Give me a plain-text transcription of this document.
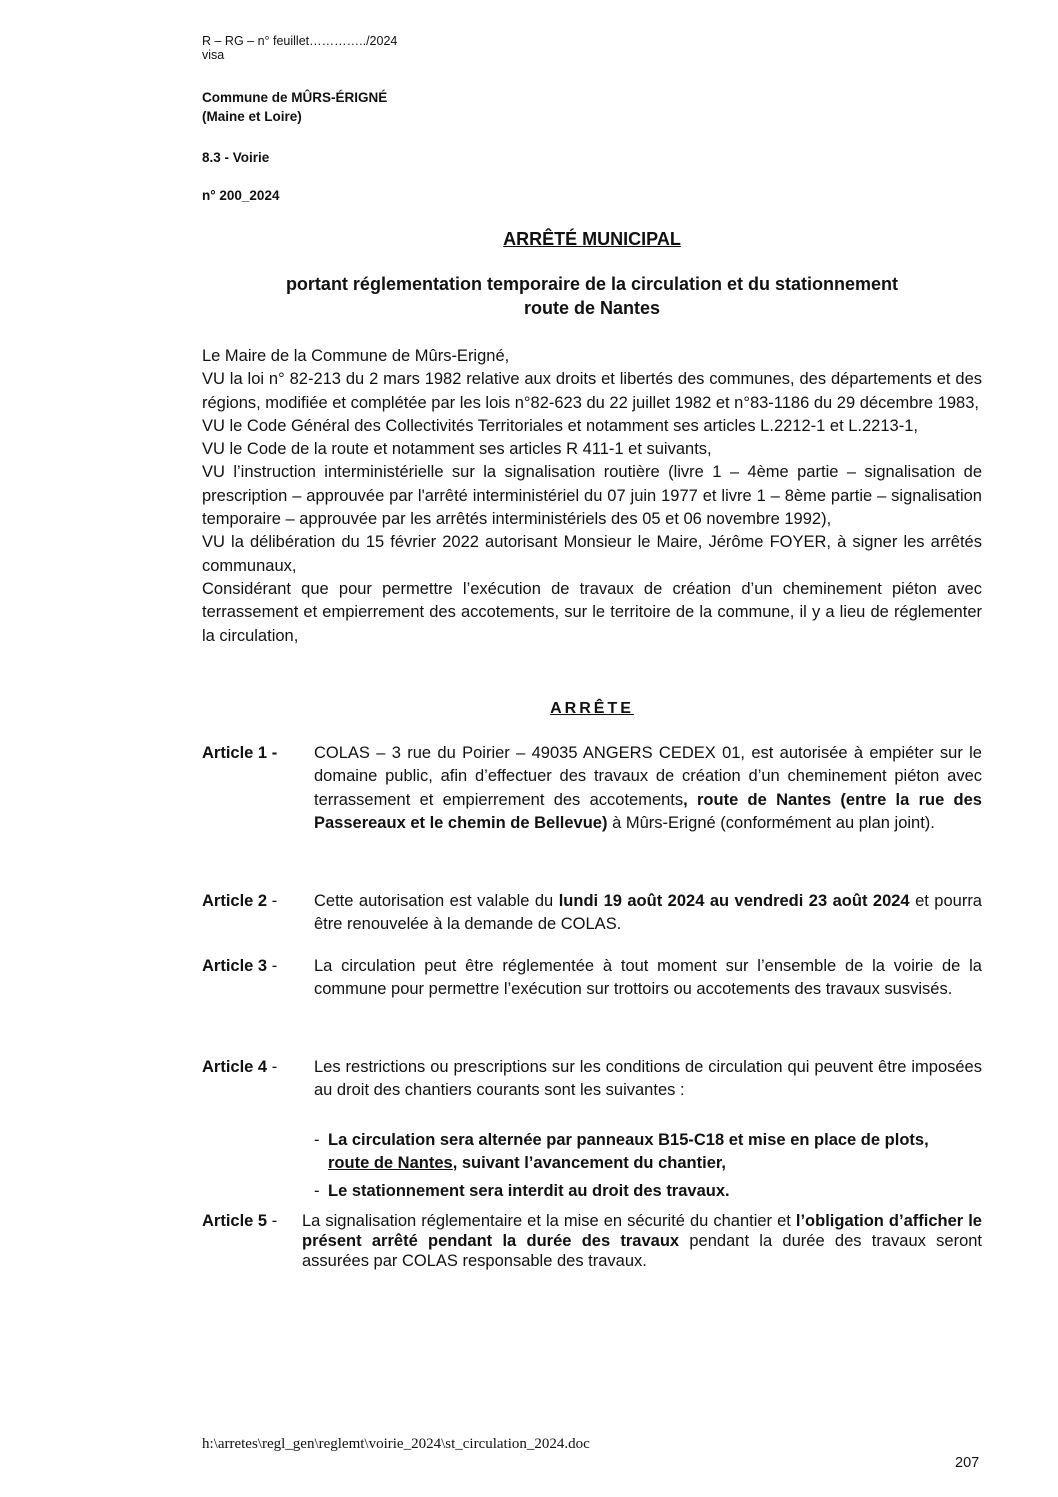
R – RG – n° feuillet…………../2024
visa
Commune de MÛRS-ÉRIGNÉ
(Maine et Loire)
8.3 - Voirie
n° 200_2024
ARRÊTÉ MUNICIPAL
portant réglementation temporaire de la circulation et du stationnement
route de Nantes
Le Maire de la Commune de Mûrs-Erigné,
VU la loi n° 82-213 du 2 mars 1982 relative aux droits et libertés des communes, des départements et des régions, modifiée et complétée par les lois n°82-623 du 22 juillet 1982 et n°83-1186 du 29 décembre 1983,
VU le Code Général des Collectivités Territoriales et notamment ses articles L.2212-1 et L.2213-1,
VU le Code de la route et notamment ses articles R 411-1 et suivants,
VU l’instruction interministérielle sur la signalisation routière (livre 1 – 4ème partie – signalisation de prescription – approuvée par l'arrêté interministériel du 07 juin 1977 et livre 1 – 8ème partie – signalisation temporaire – approuvée par les arrêtés interministériels des 05 et 06 novembre 1992),
VU la délibération du 15 février 2022 autorisant Monsieur le Maire, Jérôme FOYER, à signer les arrêtés communaux,
Considérant que pour permettre l’exécution de travaux de création d’un cheminement piéton avec terrassement et empierrement des accotements, sur le territoire de la commune, il y a lieu de réglementer la circulation,
ARRÊTE
Article 1 -	COLAS – 3 rue du Poirier – 49035 ANGERS CEDEX 01, est autorisée à empiéter sur le domaine public, afin d’effectuer des travaux de création d’un cheminement piéton avec terrassement et empierrement des accotements, route de Nantes (entre la rue des Passereaux et le chemin de Bellevue) à Mûrs-Erigné (conformément au plan joint).
Article 2 -	Cette autorisation est valable du lundi 19 août 2024 au vendredi 23 août 2024 et pourra être renouvelée à la demande de COLAS.
Article 3 -	La circulation peut être réglementée à tout moment sur l’ensemble de la voirie de la commune pour permettre l’exécution sur trottoirs ou accotements des travaux susvisés.
Article 4 -	Les restrictions ou prescriptions sur les conditions de circulation qui peuvent être imposées au droit des chantiers courants sont les suivantes :
- La circulation sera alternée par panneaux B15-C18 et mise en place de plots,
route de Nantes, suivant l’avancement du chantier,
- Le stationnement sera interdit au droit des travaux.
Article 5 -	La signalisation réglementaire et la mise en sécurité du chantier et l’obligation d’afficher le présent arrêté pendant la durée des travaux pendant la durée des travaux seront assurées par COLAS responsable des travaux.
h:\arretes\regl_gen\reglemt\voirie_2024\st_circulation_2024.doc
207
